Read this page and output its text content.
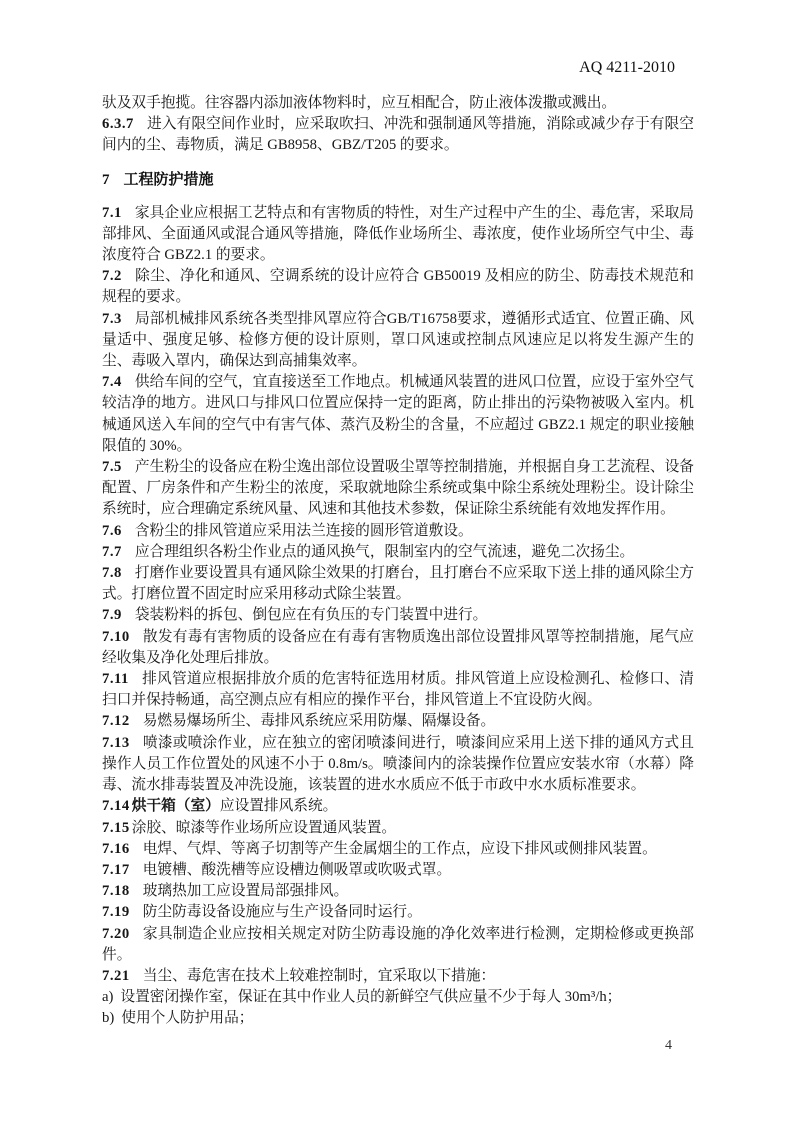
AQ 4211-2010

驮及双手抱揽。往容器内添加液体物料时，应互相配合，防止液体泼撒或溅出。

6.3.7 进入有限空间作业时，应采取吹扫、冲洗和强制通风等措施，消除或减少存于有限空间内的尘、毒物质，满足 GB8958、GBZ/T205 的要求。

7 工程防护措施

7.1 家具企业应根据工艺特点和有害物质的特性，对生产过程中产生的尘、毒危害，采取局部排风、全面通风或混合通风等措施，降低作业场所尘、毒浓度，使作业场所空气中尘、毒浓度符合 GBZ2.1 的要求。

7.2 除尘、净化和通风、空调系统的设计应符合 GB50019 及相应的防尘、防毒技术规范和规程的要求。

7.3 局部机械排风系统各类型排风罩应符合GB/T16758要求，遵循形式适宜、位置正确、风量适中、强度足够、检修方便的设计原则，罩口风速或控制点风速应足以将发生源产生的尘、毒吸入罩内，确保达到高捕集效率。

7.4 供给车间的空气，宜直接送至工作地点。机械通风装置的进风口位置，应设于室外空气较洁净的地方。进风口与排风口位置应保持一定的距离，防止排出的污染物被吸入室内。机械通风送入车间的空气中有害气体、蒸汽及粉尘的含量，不应超过 GBZ2.1 规定的职业接触限值的 30%。

7.5 产生粉尘的设备应在粉尘逸出部位设置吸尘罩等控制措施，并根据自身工艺流程、设备配置、厂房条件和产生粉尘的浓度，采取就地除尘系统或集中除尘系统处理粉尘。设计除尘系统时，应合理确定系统风量、风速和其他技术参数，保证除尘系统能有效地发挥作用。

7.6 含粉尘的排风管道应采用法兰连接的圆形管道敷设。

7.7 应合理组织各粉尘作业点的通风换气，限制室内的空气流速，避免二次扬尘。

7.8 打磨作业要设置具有通风除尘效果的打磨台，且打磨台不应采取下送上排的通风除尘方式。打磨位置不固定时应采用移动式除尘装置。

7.9 袋装粉料的拆包、倒包应在有负压的专门装置中进行。

7.10 散发有毒有害物质的设备应在有毒有害物质逸出部位设置排风罩等控制措施，尾气应经收集及净化处理后排放。

7.11 排风管道应根据排放介质的危害特征选用材质。排风管道上应设检测孔、检修口、清扫口并保持畅通，高空测点应有相应的操作平台，排风管道上不宜设防火阀。

7.12 易燃易爆场所尘、毒排风系统应采用防爆、隔爆设备。

7.13 喷漆或喷涂作业，应在独立的密闭喷漆间进行，喷漆间应采用上送下排的通风方式且操作人员工作位置处的风速不小于 0.8m/s。喷漆间内的涂装操作位置应安装水帘（水幕）降毒、流水排毒装置及冲洗设施，该装置的进水水质应不低于市政中水水质标准要求。

7.14 烘干箱（室）应设置排风系统。

7.15 涂胶、晾漆等作业场所应设置通风装置。

7.16 电焊、气焊、等离子切割等产生金属烟尘的工作点，应设下排风或侧排风装置。

7.17 电镀槽、酸洗槽等应设槽边侧吸罩或吹吸式罩。

7.18 玻璃热加工应设置局部强排风。

7.19 防尘防毒设备设施应与生产设备同时运行。

7.20 家具制造企业应按相关规定对防尘防毒设施的净化效率进行检测，定期检修或更换部件。

7.21 当尘、毒危害在技术上较难控制时，宜采取以下措施：

a) 设置密闭操作室，保证在其中作业人员的新鲜空气供应量不少于每人 30m³/h；

b) 使用个人防护用品；

4
